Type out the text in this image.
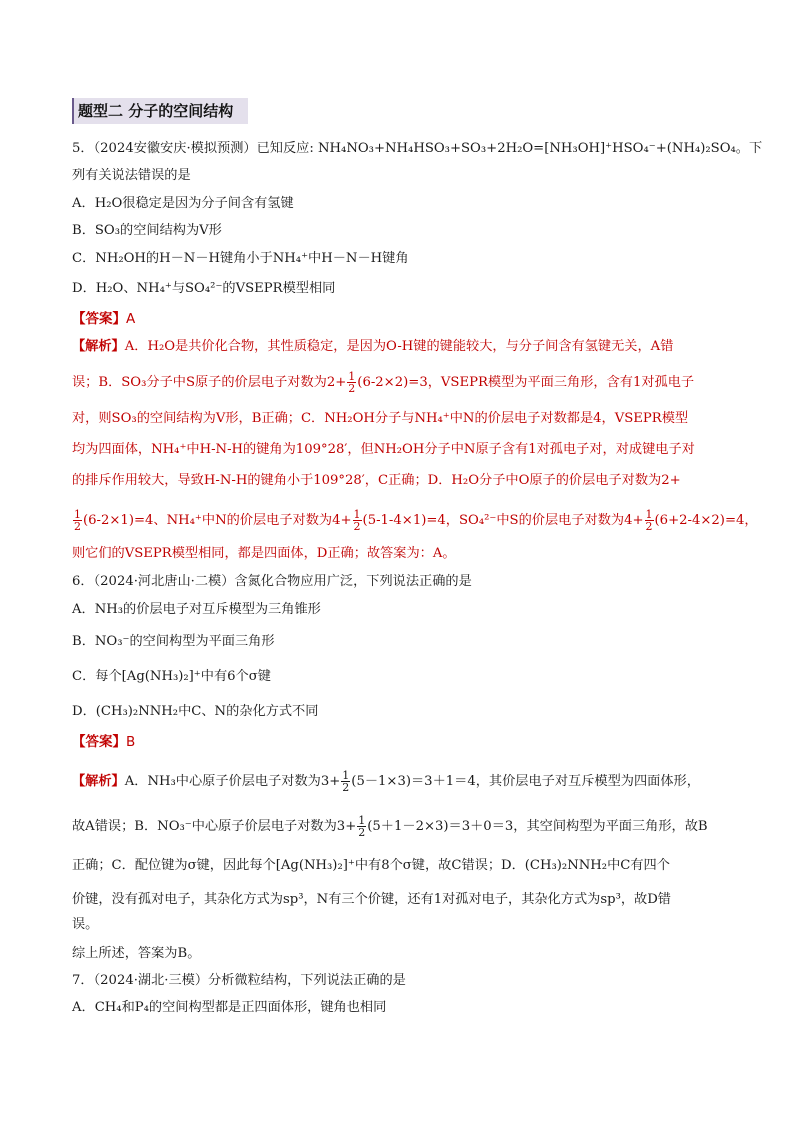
题型二 分子的空间结构
5．（2024安徽安庆·模拟预测）已知反应: NH₄NO₃+NH₄HSO₃+SO₃+2H₂O=[NH₃OH]⁺HSO₄⁻+(NH₄)₂SO₄。下
列有关说法错误的是
A．H₂O很稳定是因为分子间含有氢键
B．SO₃的空间结构为V形
C．NH₂OH的H－N－H键角小于NH₄⁺中H－N－H键角
D．H₂O、NH₄⁺与SO₄²⁻的VSEPR模型相同
【答案】A
【解析】A．H₂O是共价化合物，其性质稳定，是因为O-H键的键能较大，与分子间含有氢键无关，A错
误；B．SO₃分子中S原子的价层电子对数为$2+ \frac{1}{2} (6-2\times 2)=3$，VSEPR模型为平面三角形，含有1对孤电子
对，则SO₃的空间结构为V形，B正确；C．NH₂OH分子与NH₄⁺中N的价层电子对数都是4，VSEPR模型
均为四面体，NH₄⁺中H-N-H的键角为109°28′，但NH₂OH分子中N原子含有1对孤电子对，对成键电子对
的排斥作用较大，导致H-N-H的键角小于109°28′，C正确；D．H₂O分子中O原子的价层电子对数为2+
$\frac{1}{2} (6-2\times 1)=4$、NH₄⁺中N的价层电子对数为$4+ \frac{1}{2} (5-1-4\times 1)=4$，SO₄²⁻中S的价层电子对数为$4+ \frac{1}{2} (6+2-4\times 2)=4$，
则它们的VSEPR模型相同，都是四面体，D正确；故答案为：A。
6．（2024·河北唐山·二模）含氮化合物应用广泛，下列说法正确的是
A．NH₃的价层电子对互斥模型为三角锥形
B．NO₃⁻的空间构型为平面三角形
C．每个[Ag(NH₃)₂]⁺中有6个σ键
D．(CH₃)₂NNH₂中C、N的杂化方式不同
【答案】B
【解析】A．NH₃中心原子价层电子对数为$3+ \frac{1}{2} (5-1\times 3)=3+1=4$，其价层电子对互斥模型为四面体形，
故A错误；B．NO₃⁻中心原子价层电子对数为$3+ \frac{1}{2} (5+1-2\times 3)=3+0=3$，其空间构型为平面三角形，故B
正确；C．配位键为σ键，因此每个[Ag(NH₃)₂]⁺中有8个σ键，故C错误；D．(CH₃)₂NNH₂中C有四个
价键，没有孤对电子，其杂化方式为sp³，N有三个价键，还有1对孤对电子，其杂化方式为sp³，故D错
误。
综上所述，答案为B。
7．（2024·湖北·三模）分析微粒结构，下列说法正确的是
A．CH₄和P₄的空间构型都是正四面体形，键角也相同
